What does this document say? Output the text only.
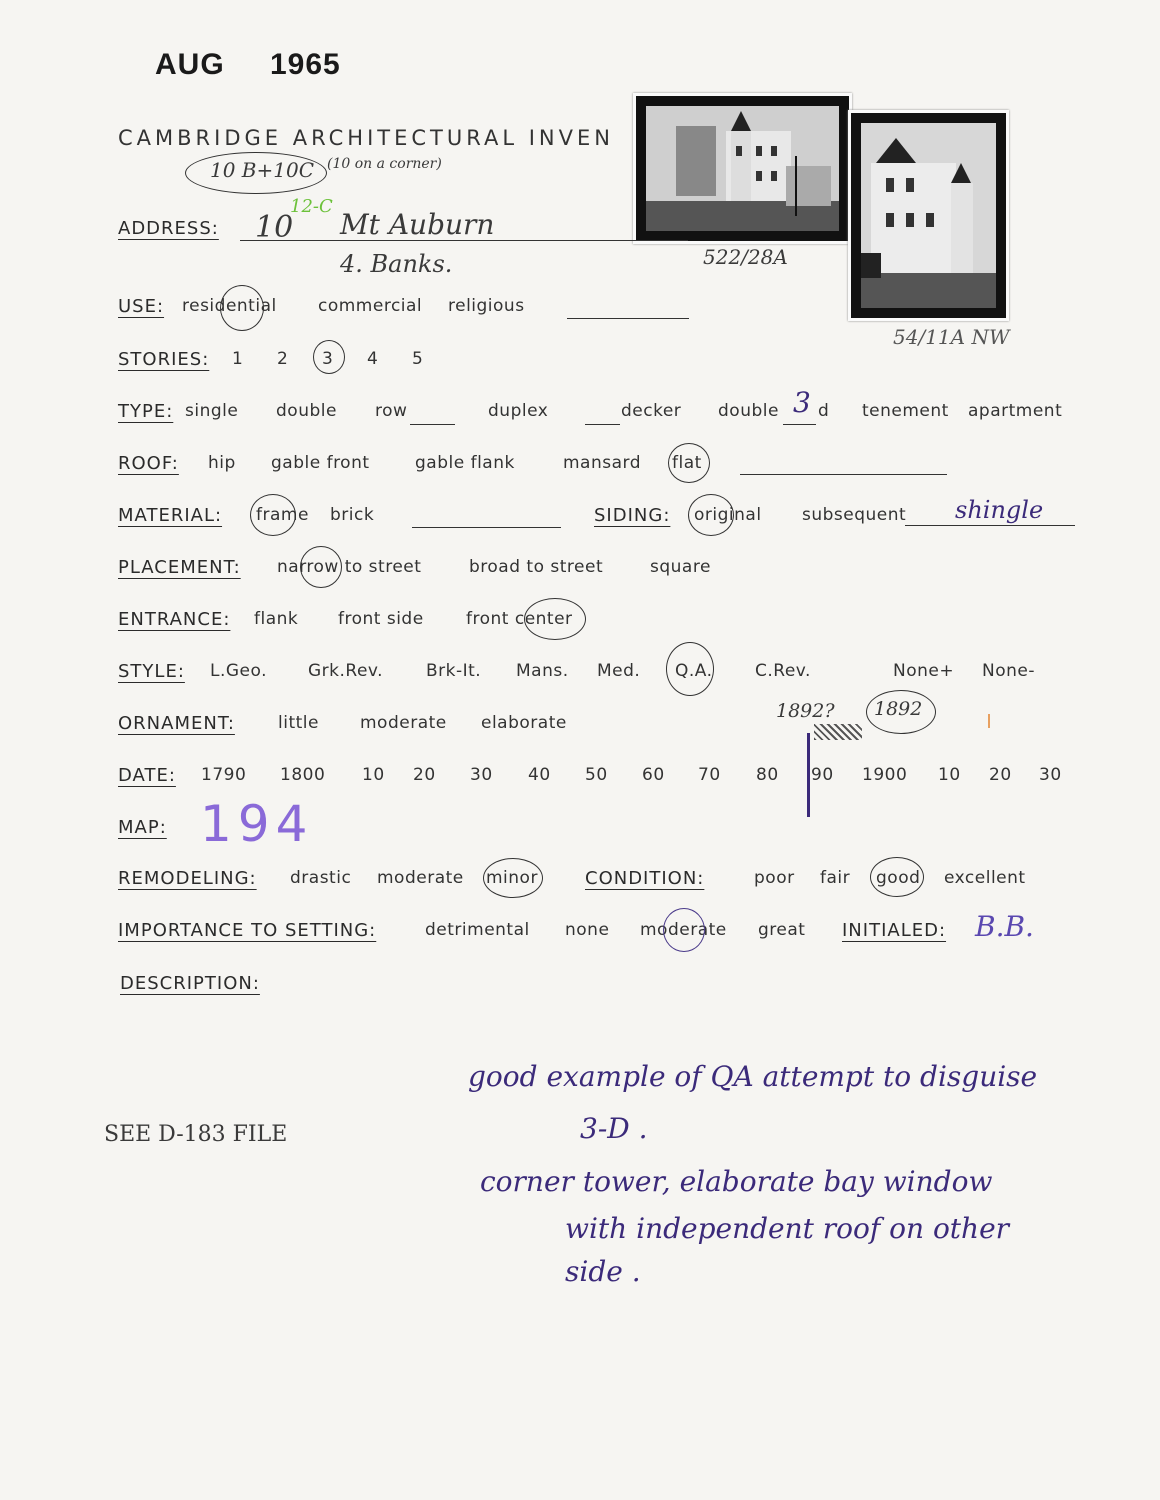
AUG 1965
CAMBRIDGE ARCHITECTURAL INVEN
10 B+10C (10 on a corner)
522/28A
54/11A NW
ADDRESS: 10 Mt Auburn
12-C
4. Banks.
USE: residential commercial religious
STORIES: 1 2 3 4 5
TYPE: single double row	duplex	decker double 3 d tenement apartment
ROOF: hip gable front	gable flank	mansard flat
MATERIAL: frame brick	SIDING: original subsequent shingle
PLACEMENT: narrow to street	broad to street	square
ENTRANCE: flank front side front center
STYLE: L.Geo. Grk.Rev.	Brk-It. Mans. Med. Q.A. C.Rev.	None+ None-
ORNAMENT:	little moderate elaborate
1892? 1892
DATE: 1790 1800 10 20 30 40 50 60 70 80 90 1900 10 20 30
MAP: 194
REMODELING: drastic moderate minor	CONDITION:	poor fair good excellent
IMPORTANCE TO SETTING:	detrimental none moderate great INITIALED: B.B.
DESCRIPTION:
good example of QA attempt to disguise
3-D .
corner tower, elaborate bay window
with independent roof on other
side .
SEE D-183 FILE
